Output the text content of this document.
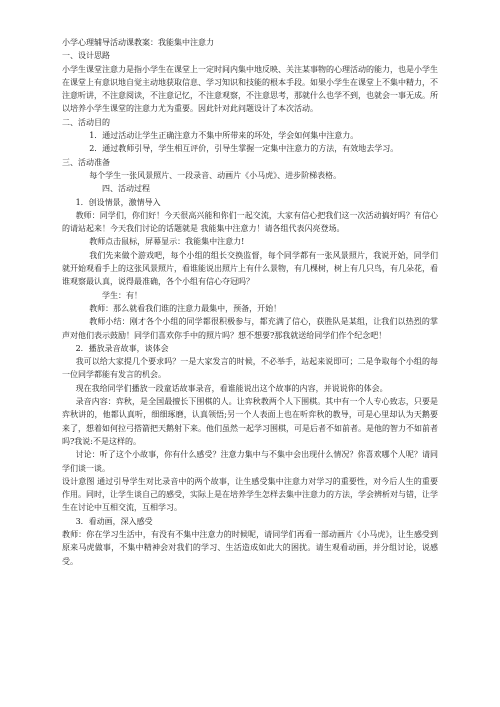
小学心理辅导活动课教案：我能集中注意力

一、设计思路

小学生课堂注意力是指小学生在课堂上一定时间内集中地反映、关注某事物的心理活动的能力，也是小学生在课堂上有意识地自觉主动地获取信息、学习知识和技能的根本手段。如果小学生在课堂上不集中精力，不注意听讲，不注意阅读，不注意记忆，不注意观察，不注意思考，那就什么也学不到，也就会一事无成。所以培养小学生课堂的注意力尤为重要。因此针对此问题设计了本次活动。

二、活动目的

1．通过活动让学生正确注意力不集中所带来的坏处，学会如何集中注意力。

2．通过教师引导，学生相互评价，引导生掌握一定集中注意力的方法，有效地去学习。

三、活动准备

每个学生一张风景照片、一段录音、动画片《小马虎》、进步阶梯表格。

四、活动过程

1．创设情景，激情导入

教师：同学们，你们好！今天很高兴能和你们一起交流，大家有信心把我们这一次活动搞好吗？有信心的请站起来！今天我们讨论的话题就是 我能集中注意力！请各组代表闪亮登场。

教师点击鼠标，屏幕显示：我能集中注意力!

我们先来做个游戏吧，每个小组的组长交换监督，每个同学都有一张风景照片，我说开始，同学们就开始观看手上的这张风景照片，看谁能说出照片上有什么景物，有几棵树，树上有几只鸟，有几朵花，看谁观察最认真，说得最准确，各个小组有信心夺冠吗？

学生：有！

教师：那么就看我们谁的注意力最集中，预备，开始！

教师小结：刚才各个小组的同学都很积极参与，都充满了信心，获胜队是某组，让我们以热烈的掌声对他们表示鼓励！同学们喜欢你手中的照片吗？想不想要?那我就送给同学们作个纪念吧！

2．播放录音故事，谈体会

我可以给大家提几个要求吗？一是大家发言的时候，不必举手，站起来说即可；二是争取每个小组的每一位同学都能有发言的机会。

现在我给同学们播放一段童话故事录音，看谁能说出这个故事的内容，并说说你的体会。

录音内容：弈秋，是全国最擅长下围棋的人。让弈秋教两个人下围棋。其中有一个人专心致志，只要是弈秋讲的，他都认真听，细细琢磨，认真领悟;另一个人表面上也在听弈秋的教导，可是心里却认为天鹅要来了，想着如何拉弓搭箭把天鹅射下来。他们虽然一起学习围棋，可是后者不如前者。是他的智力不如前者吗?我说:不是这样的。

讨论：听了这个小故事，你有什么感受？注意力集中与不集中会出现什么情况？你喜欢哪个人呢？请同学们谈一谈。

设计意图 通过引导学生对比录音中的两个故事，让生感受集中注意力对学习的重要性，对今后人生的重要作用。同时，让学生谈自己的感受，实际上是在培养学生怎样去集中注意力的方法，学会辨析对与错，让学生在讨论中互相交流，互相学习。

3．看动画，深入感受

教师：你在学习生活中，有没有不集中注意力的时候呢，请同学们再看一部动画片《小马虎》，让生感受到原来马虎做事，不集中精神会对我们的学习、生活造成如此大的困扰。请生观看动画，并分组讨论，说感受。
